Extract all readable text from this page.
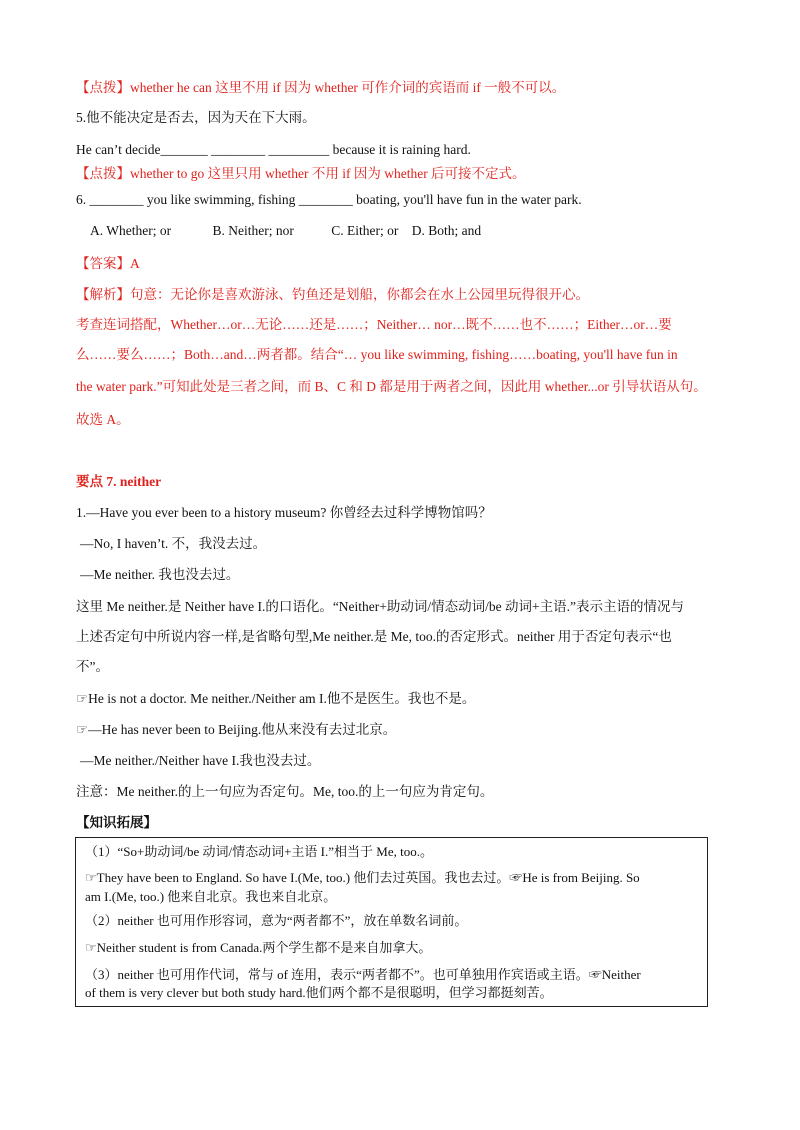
【点拨】whether he can 这里不用 if 因为 whether 可作介词的宾语而 if 一般不可以。
5.他不能决定是否去，因为天在下大雨。
He can’t decide_______ ________ _________ because it is raining hard.
【点拨】whether to go 这里只用 whether 不用 if 因为 whether 后可接不定式。
6. ________ you like swimming, fishing ________ boating, you'll have fun in the water park.
A. Whether; or	B. Neither; nor	C. Either; or D. Both; and
【答案】A
【解析】句意：无论你是喜欢游泳、钓鱼还是划船，你都会在水上公园里玩得很开心。
考查连词搭配，Whether…or…无论……还是……；Neither… nor…既不……也不……；Either…or…要
么……要么……；Both…and…两者都。结合“… you like swimming, fishing……boating, you'll have fun in
the water park.”可知此处是三者之间，而 B、C 和 D 都是用于两者之间，因此用 whether...or 引导状语从句。
故选 A。
要点 7. neither
1.—Have you ever been to a history museum? 你曾经去过科学博物馆吗？
—No, I haven’t. 不，我没去过。
—Me neither. 我也没去过。
这里 Me neither.是 Neither have I.的口语化。“Neither+助动词/情态动词/be 动词+主语.”表示主语的情况与
上述否定句中所说内容一样,是省略句型,Me neither.是 Me, too.的否定形式。neither 用于否定句表示“也
不”。
☞He is not a doctor. Me neither./Neither am I.他不是医生。我也不是。
☞—He has never been to Beijing.他从来没有去过北京。
—Me neither./Neither have I.我也没去过。
注意：Me neither.的上一句应为否定句。Me, too.的上一句应为肯定句。
【知识拓展】
（1）“So+助动词/be 动词/情态动词+主语 I.”相当于 Me, too.。
☞They have been to England. So have I.(Me, too.) 他们去过英国。我也去过。☞He is from Beijing. So
am I.(Me, too.) 他来自北京。我也来自北京。
（2）neither 也可用作形容词，意为“两者都不”，放在单数名词前。
☞Neither student is from Canada.两个学生都不是来自加拿大。
（3）neither 也可用作代词，常与 of 连用，表示“两者都不”。也可单独用作宾语或主语。☞Neither
of them is very clever but both study hard.他们两个都不是很聪明，但学习都挺刻苦。
